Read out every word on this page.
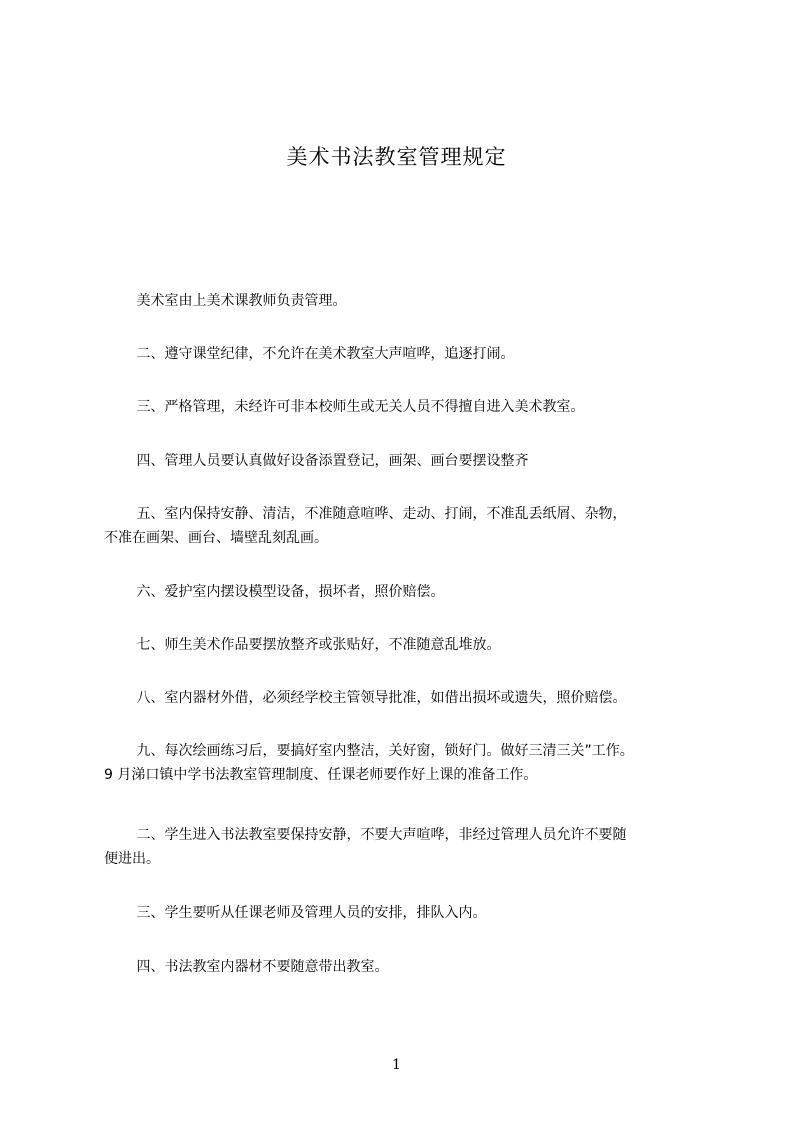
美术书法教室管理规定
　　 美术室由上美术课教师负责管理。
　　 二、遵守课堂纪律，不允许在美术教室大声喧哗，追逐打闹。
　　 三、严格管理，未经许可非本校师生或无关人员不得擅自进入美术教室。
　　 四、管理人员要认真做好设备添置登记，画架、画台要摆设整齐
　　 五、室内保持安静、清洁，不准随意喧哗、走动、打闹，不准乱丢纸屑、杂物，
不准在画架、画台、墙壁乱刻乱画。
　　 六、爱护室内摆设模型设备，损坏者，照价赔偿。
　　 七、师生美术作品要摆放整齐或张贴好，不准随意乱堆放。
　　 八、室内器材外借，必须经学校主管领导批准，如借出损坏或遗失，照价赔偿。
　　 九、每次绘画练习后，要搞好室内整洁，关好窗，锁好门。做好三清三关”工作。
9 月涕口镇中学书法教室管理制度、任课老师要作好上课的准备工作。
　　 二、学生进入书法教室要保持安静，不要大声喧哗，非经过管理人员允许不要随
便进出。
　　 三、学生要听从任课老师及管理人员的安排，排队入内。
　　 四、书法教室内器材不要随意带出教室。
1
